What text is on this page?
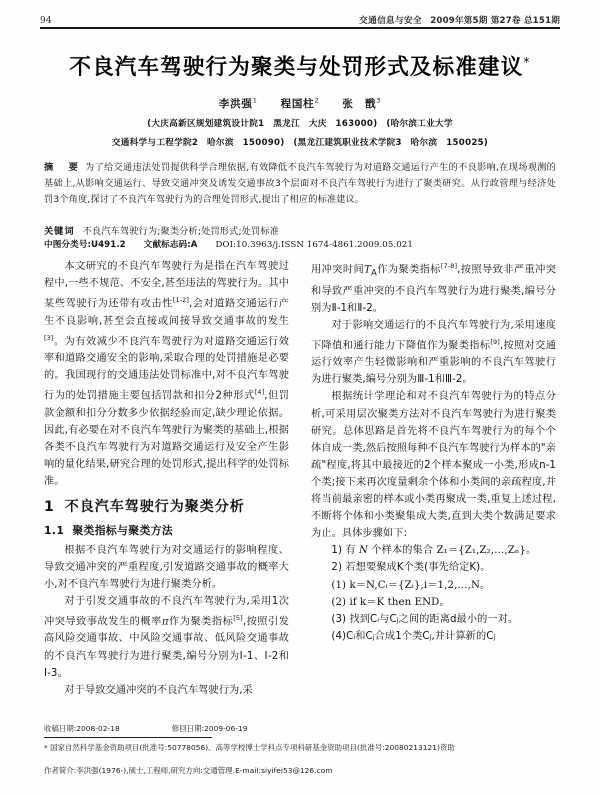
94	交通信息与安全 2009年第5期 第27卷 总151期
不良汽车驾驶行为聚类与处罚形式及标准建议*
李洪强$^1$ 程国柱$^2$ 张　戬$^3$
(大庆高新区规划建筑设计院1　黑龙江　大庆　163000)　(哈尔滨工业大学
交通科学与工程学院2　哈尔滨　150090)　(黑龙江建筑职业技术学院3　哈尔滨　150025)
摘　要 为了给交通违法处罚提供科学合理依据,有效降低不良汽车驾驶行为对道路交通运行产生的不良影响,在现场观测的基础上,从影响交通运行、导致交通冲突及诱发交通事故3个层面对不良汽车驾驶行为进行了聚类研究。从行政管理与经济处罚3个角度,探讨了不良汽车驾驶行为的合理处罚形式,提出了相应的标准建议。
关键词 不良汽车驾驶行为;聚类分析;处罚形式;处罚标准
中图分类号:U491.2 文献标志码:A DOI:10.3963/j.ISSN 1674-4861.2009.05.021

本文研究的不良汽车驾驶行为是指在汽车驾驶过程中,一些不规范、不安全,甚至违法的驾驶行为。其中某些驾驶行为还带有攻击性[1-2],会对道路交通运行产生不良影响,甚至会直接或间接导致交通事故的发生[3]。为有效减少不良汽车驾驶行为对道路交通运行效率和道路交通安全的影响,采取合理的处罚措施是必要的。我国现行的交通违法处罚标准中,对不良汽车驾驶行为的处罚措施主要包括罚款和扣分2种形式[4],但罚款金额和扣分分数多少依据经验而定,缺少理论依据。因此,有必要在对不良汽车驾驶行为聚类的基础上,根据各类不良汽车驾驶行为对道路交通运行及安全产生影响的量化结果,研究合理的处罚形式,提出科学的处罚标准。

1 不良汽车驾驶行为聚类分析
1.1 聚类指标与聚类方法

根据不良汽车驾驶行为对交通运行的影响程度、导致交通冲突的严重程度,引发道路交通事故的概率大小,对不良汽车驾驶行为进行聚类分析。

对于引发交通事故的不良汽车驾驶行为,采用1次冲突导致事故发生的概率π作为聚类指标[5],按照引发高风险交通事故、中风险交通事故、低风险交通事故的不良汽车驾驶行为进行聚类,编号分别为Ⅰ-1、Ⅰ-2和Ⅰ-3。

对于导致交通冲突的不良汽车驾驶行为,采

用冲突时间$T_A$作为聚类指标[7-8],按照导致非严重冲突和导致严重冲突的不良汽车驾驶行为进行聚类,编号分别为Ⅱ-1和Ⅱ-2。

对于影响交通运行的不良汽车驾驶行为,采用速度下降值和通行能力下降值作为聚类指标[9],按照对交通运行效率产生轻微影响和严重影响的不良汽车驾驶行为进行聚类,编号分别为Ⅲ-1和Ⅲ-2。

根据统计学理论和对不良汽车驾驶行为的特点分析,可采用层次聚类方法对不良汽车驾驶行为进行聚类研究。总体思路是首先将不良汽车驾驶行为的每个个体自成一类,然后按照每种不良汽车驾驶行为样本的"亲疏"程度,将其中最接近的2个样本聚成一小类,形成n-1个类;接下来再次度量剩余个体和小类间的亲疏程度,并将当前最亲密的样本或小类再聚成一类,重复上述过程,不断将个体和小类聚集成大类,直到大类个数满足要求为止。具体步骤如下:

1) 有 N 个样本的集合 Z₁＝{Z₁,Z₂,…,Zₙ}。

2) 若想要聚成K个类(事先给定K)。

(1) k＝N,Cᵢ＝{Zᵢ},i＝1,2,…,N。

(2) if k＝K then END。

(3) 找到Cᵢ与Cⱼ之间的距离d最小的一对。

(4)Cᵢ和Cⱼ合成1个类Cⱼ,并计算新的Cⱼ

收稿日期:2008-02-18	修回日期:2009-06-19
* 国家自然科学基金资助项目(批准号:50778056)、高等学校博士学科点专项科研基金资助项目(批准号:20080213121)资助
作者简介:李洪强(1976-),硕士,工程师,研究方向:交通管理.E-mail:siyifei53@126.com
